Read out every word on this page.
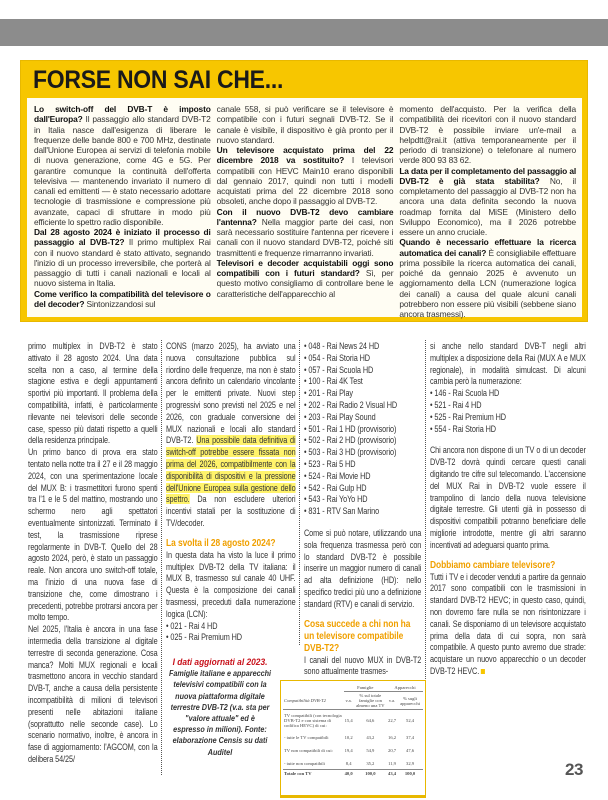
FORSE NON SAI CHE...

Lo switch-off del DVB-T è imposto dall'Europa? Il passaggio allo standard DVB-T2 in Italia nasce dall'esigenza di liberare le frequenze delle bande 800 e 700 MHz, destinate dall'Unione Europea ai servizi di telefonia mobile di nuova generazione, come 4G e 5G. Per garantire comunque la continuità dell'offerta televisiva — mantenendo invariato il numero di canali ed emittenti — è stato necessario adottare tecnologie di trasmissione e compressione più avanzate, capaci di sfruttare in modo più efficiente lo spettro radio disponibile.

Dal 28 agosto 2024 è iniziato il processo di passaggio al DVB-T2? Il primo multiplex Rai con il nuovo standard è stato attivato, segnando l'inizio di un processo irreversibile, che porterà al passaggio di tutti i canali nazionali e locali al nuovo sistema in Italia.

Come verifico la compatibilità del televisore o del decoder? Sintonizzandosi sul

canale 558, si può verificare se il televisore è compatibile con i futuri segnali DVB-T2. Se il canale è visibile, il dispositivo è già pronto per il nuovo standard.

Un televisore acquistato prima del 22 dicembre 2018 va sostituito? I televisori compatibili con HEVC Main10 erano disponibili dal gennaio 2017, quindi non tutti i modelli acquistati prima del 22 dicembre 2018 sono obsoleti, anche dopo il passaggio al DVB-T2.

Con il nuovo DVB-T2 devo cambiare l'antenna? Nella maggior parte dei casi, non sarà necessario sostituire l'antenna per ricevere i canali con il nuovo standard DVB-T2, poiché siti trasmittenti e frequenze rimarranno invariati.

Televisori e decoder acquistabili oggi sono compatibili con i futuri standard? Sì, per questo motivo consigliamo di controllare bene le caratteristiche dell'apparecchio al

momento dell'acquisto. Per la verifica della compatibilità dei ricevitori con il nuovo standard DVB-T2 è possibile inviare un'e-mail a helpdtt@rai.it (attiva temporaneamente per il periodo di transizione) o telefonare al numero verde 800 93 83 62.

La data per il completamento del passaggio al DVB-T2 è già stata stabilita? No, il completamento del passaggio al DVB-T2 non ha ancora una data definita secondo la nuova roadmap fornita dal MiSE (Ministero dello Sviluppo Economico), ma il 2026 potrebbe essere un anno cruciale.

Quando è necessario effettuare la ricerca automatica dei canali? È consigliabile effettuare prima possibile la ricerca automatica dei canali, poiché da gennaio 2025 è avvenuto un aggiornamento della LCN (numerazione logica dei canali) a causa del quale alcuni canali potrebbero non essere più visibili (sebbene siano ancora trasmessi).

primo multiplex in DVB-T2 è stato attivato il 28 agosto 2024. Una data scelta non a caso, al termine della stagione estiva e degli appuntamenti sportivi più importanti. Il problema della compatibilità, infatti, è particolarmente rilevante nei televisori delle seconde case, spesso più datati rispetto a quelli della residenza principale.

Un primo banco di prova era stato tentato nella notte tra il 27 e il 28 maggio 2024, con una sperimentazione locale del MUX B: i trasmettitori furono spenti tra l'1 e le 5 del mattino, mostrando uno schermo nero agli spettatori eventualmente sintonizzati. Terminato il test, la trasmissione riprese regolarmente in DVB-T. Quello del 28 agosto 2024, però, è stato un passaggio reale. Non ancora uno switch-off totale, ma l'inizio di una nuova fase di transizione che, come dimostrano i precedenti, potrebbe protrarsi ancora per molto tempo.

Nel 2025, l'Italia è ancora in una fase intermedia della transizione al digitale terrestre di seconda generazione. Cosa manca? Molti MUX regionali e locali trasmettono ancora in vecchio standard DVB-T, anche a causa della persistente incompatibilità di milioni di televisori presenti nelle abitazioni italiane (soprattutto nelle seconde case). Lo scenario normativo, inoltre, è ancora in fase di aggiornamento: l'AGCOM, con la delibera 54/25/

CONS (marzo 2025), ha avviato una nuova consultazione pubblica sul riordino delle frequenze, ma non è stato ancora definito un calendario vincolante per le emittenti private. Nuovi step progressivi sono previsti nel 2025 e nel 2026, con graduale conversione dei MUX nazionali e locali allo standard DVB-T2. Una possibile data definitiva di switch-off potrebbe essere fissata non prima del 2026, compatibilmente con la disponibilità di dispositivi e la pressione dell'Unione Europea sulla gestione dello spettro. Da non escludere ulteriori incentivi statali per la sostituzione di TV/decoder.

La svolta il 28 agosto 2024?

In questa data ha visto la luce il primo multiplex DVB-T2 della TV italiana: il MUX B, trasmesso sul canale 40 UHF. Questa è la composizione dei canali trasmessi, preceduti dalla numerazione logica (LCN):

• 021 - Rai 4 HD
• 025 - Rai Premium HD
• 048 - Rai News 24 HD
• 054 - Rai Storia HD
• 057 - Rai Scuola HD
• 100 - Rai 4K Test
• 201 - Rai Play
• 202 - Rai Radio 2 Visual HD
• 203 - Rai Play Sound
• 501 - Rai 1 HD (provvisorio)
• 502 - Rai 2 HD (provvisorio)
• 503 - Rai 3 HD (provvisorio)
• 523 - Rai 5 HD
• 524 - Rai Movie HD
• 542 - Rai Gulp HD
• 543 - Rai YoYo HD
• 831 - RTV San Marino

Come si può notare, utilizzando una sola frequenza trasmessa però con lo standard DVB-T2 è possibile inserire un maggior numero di canali ad alta definizione (HD): nello specifico tredici più uno a definizione standard (RTV) e canali di servizio.

Cosa succede a chi non ha un televisore compatibile DVB-T2?

I canali del nuovo MUX in DVB-T2 sono attualmente trasmes-

si anche nello standard DVB-T negli altri multiplex a disposizione della Rai (MUX A e MUX regionale), in modalità simulcast. Di alcuni cambia però la numerazione:

• 146 - Rai Scuola HD
• 521 - Rai 4 HD
• 525 - Rai Premium HD
• 554 - Rai Storia HD

Chi ancora non dispone di un TV o di un decoder DVB-T2 dovrà quindi cercare questi canali digitando tre cifre sul telecomando. L'accensione del MUX Rai in DVB-T2 vuole essere il trampolino di lancio della nuova televisione digitale terrestre. Gli utenti già in possesso di dispositivi compatibili potranno beneficiare delle migliorie introdotte, mentre gli altri saranno incentivati ad adeguarsi quanto prima.

Dobbiamo cambiare televisore?

Tutti i TV e i decoder venduti a partire da gennaio 2017 sono compatibili con le trasmissioni in standard DVB-T2 HEVC; in questo caso, quindi, non dovremo fare nulla se non risintonizzare i canali. Se disponiamo di un televisore acquistato prima della data di cui sopra, non sarà compatibile. A questo punto avremo due strade: acquistare un nuovo apparecchio o un decoder DVB-T2 HEVC.

I dati aggiornati al 2023.
Famiglie italiane e apparecchi televisivi compatibili con la nuova piattaforma digitale terrestre DVB-T2 (v.a. sta per "valore attuale" ed è espresso in milioni). Fonte: elaborazione Censis su dati Auditel
	Famiglie		Apparecchi	
Compatibilità DVB-T2	v.a.	% sul totale famiglie con almeno una TV	v.a.	% sugli apparecchi
TV compatibili (con tecnologia DVB-T2 e con sistema di codifica HEVC) di cui:	15,4	64,6	22,7	52,4
- tutte le TV compatibili	10,2	43,2	16,2	37,4
TV non compatibili di cui:	19,4	54,9	20,7	47,6
- tutte non compatibili	8,4	35,2	11,9	32,9
Totale con TV	40,0	100,0	43,4	100,0	23
